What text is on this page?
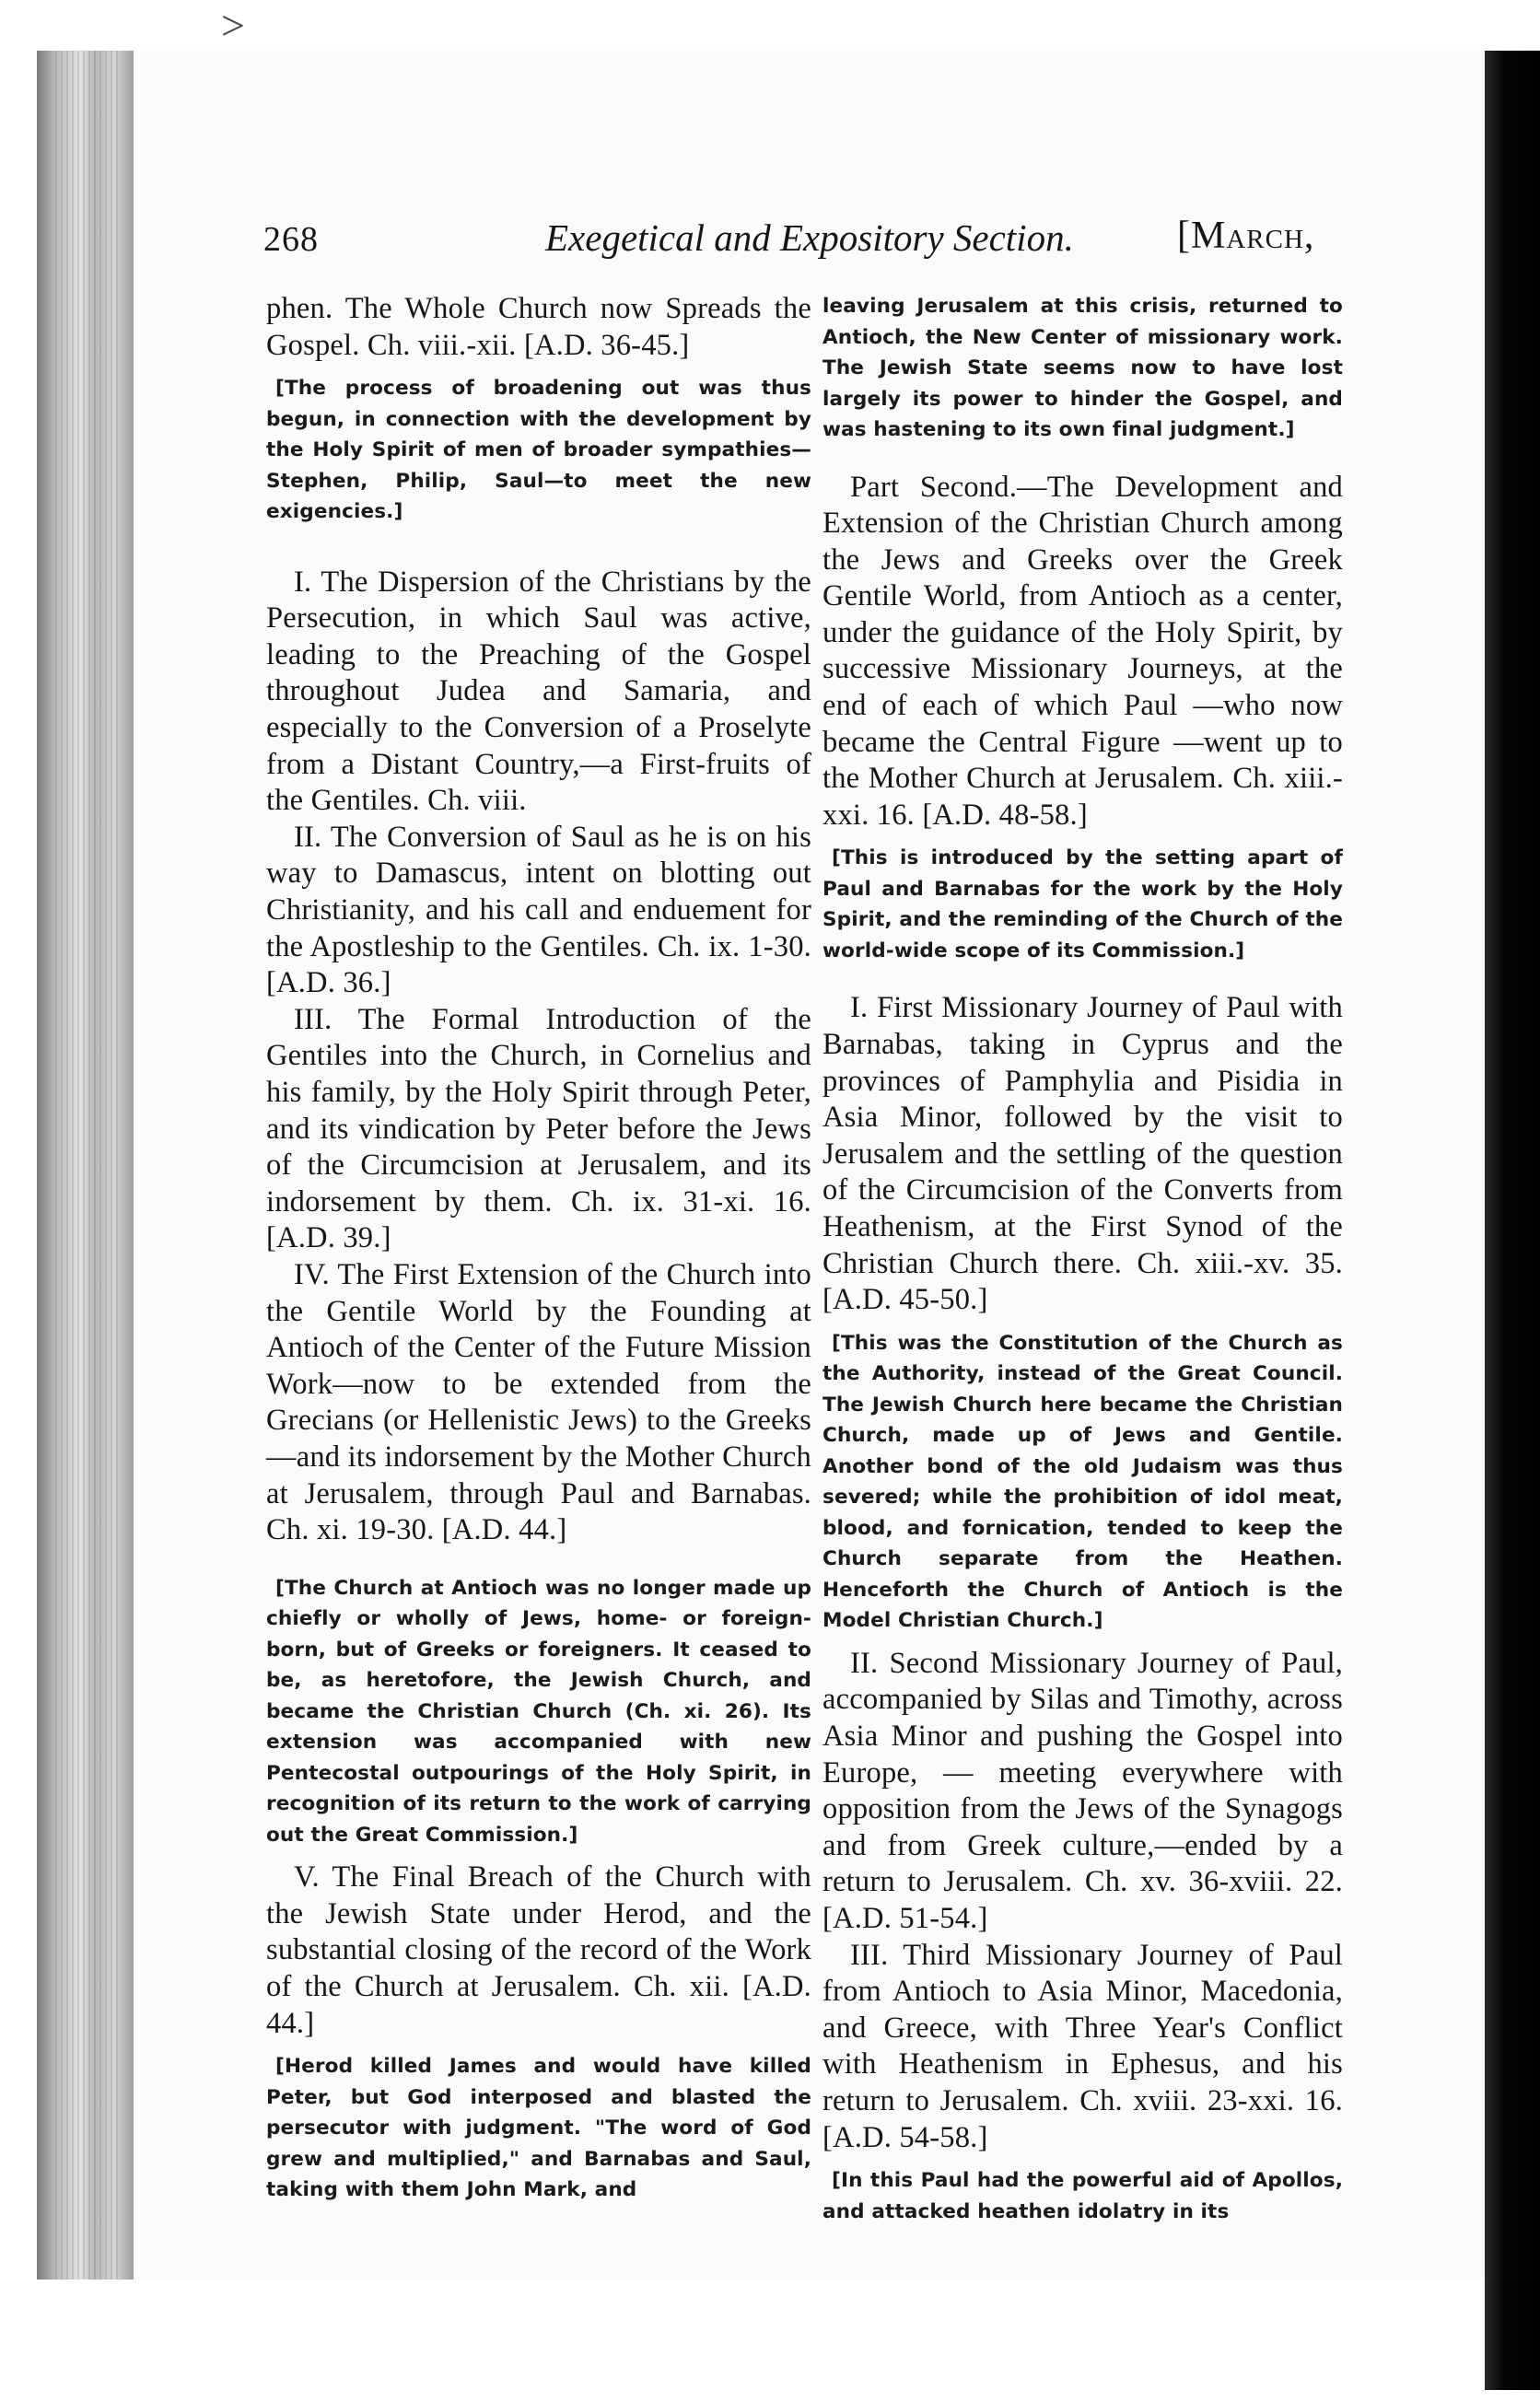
>
268	Exegetical and Expository Section.	[March,

phen. The Whole Church now Spreads the Gospel. Ch. viii.-xii. [A.D. 36-45.]

[The process of broadening out was thus begun, in connection with the development by the Holy Spirit of men of broader sympathies—Stephen, Philip, Saul—to meet the new exigencies.]

I. The Dispersion of the Christians by the Persecution, in which Saul was active, leading to the Preaching of the Gospel throughout Judea and Samaria, and especially to the Conversion of a Proselyte from a Distant Country,—a First-fruits of the Gentiles. Ch. viii.

II. The Conversion of Saul as he is on his way to Damascus, intent on blotting out Christianity, and his call and enduement for the Apostleship to the Gentiles. Ch. ix. 1-30. [A.D. 36.]

III. The Formal Introduction of the Gentiles into the Church, in Cornelius and his family, by the Holy Spirit through Peter, and its vindication by Peter before the Jews of the Circumcision at Jerusalem, and its indorsement by them. Ch. ix. 31-xi. 16. [A.D. 39.]

IV. The First Extension of the Church into the Gentile World by the Founding at Antioch of the Center of the Future Mission Work—now to be extended from the Grecians (or Hellenistic Jews) to the Greeks—and its indorsement by the Mother Church at Jerusalem, through Paul and Barnabas. Ch. xi. 19-30. [A.D. 44.]

[The Church at Antioch was no longer made up chiefly or wholly of Jews, home- or foreign-born, but of Greeks or foreigners. It ceased to be, as heretofore, the Jewish Church, and became the Christian Church (Ch. xi. 26). Its extension was accompanied with new Pentecostal outpourings of the Holy Spirit, in recognition of its return to the work of carrying out the Great Commission.]

V. The Final Breach of the Church with the Jewish State under Herod, and the substantial closing of the record of the Work of the Church at Jerusalem. Ch. xii. [A.D. 44.]

[Herod killed James and would have killed Peter, but God interposed and blasted the persecutor with judgment. "The word of God grew and multiplied," and Barnabas and Saul, taking with them John Mark, and

leaving Jerusalem at this crisis, returned to Antioch, the New Center of missionary work. The Jewish State seems now to have lost largely its power to hinder the Gospel, and was hastening to its own final judgment.]

Part Second.—The Development and Extension of the Christian Church among the Jews and Greeks over the Greek Gentile World, from Antioch as a center, under the guidance of the Holy Spirit, by successive Missionary Journeys, at the end of each of which Paul —who now became the Central Figure —went up to the Mother Church at Jerusalem. Ch. xiii.-xxi. 16. [A.D. 48-58.]

[This is introduced by the setting apart of Paul and Barnabas for the work by the Holy Spirit, and the reminding of the Church of the world-wide scope of its Commission.]

I. First Missionary Journey of Paul with Barnabas, taking in Cyprus and the provinces of Pamphylia and Pisidia in Asia Minor, followed by the visit to Jerusalem and the settling of the question of the Circumcision of the Converts from Heathenism, at the First Synod of the Christian Church there. Ch. xiii.-xv. 35. [A.D. 45-50.]

[This was the Constitution of the Church as the Authority, instead of the Great Council. The Jewish Church here became the Christian Church, made up of Jews and Gentile. Another bond of the old Judaism was thus severed; while the prohibition of idol meat, blood, and fornication, tended to keep the Church separate from the Heathen. Henceforth the Church of Antioch is the Model Christian Church.]

II. Second Missionary Journey of Paul, accompanied by Silas and Timothy, across Asia Minor and pushing the Gospel into Europe, — meeting everywhere with opposition from the Jews of the Synagogs and from Greek culture,—ended by a return to Jerusalem. Ch. xv. 36-xviii. 22. [A.D. 51-54.]

III. Third Missionary Journey of Paul from Antioch to Asia Minor, Macedonia, and Greece, with Three Year's Conflict with Heathenism in Ephesus, and his return to Jerusalem. Ch. xviii. 23-xxi. 16. [A.D. 54-58.]

[In this Paul had the powerful aid of Apollos, and attacked heathen idolatry in its
